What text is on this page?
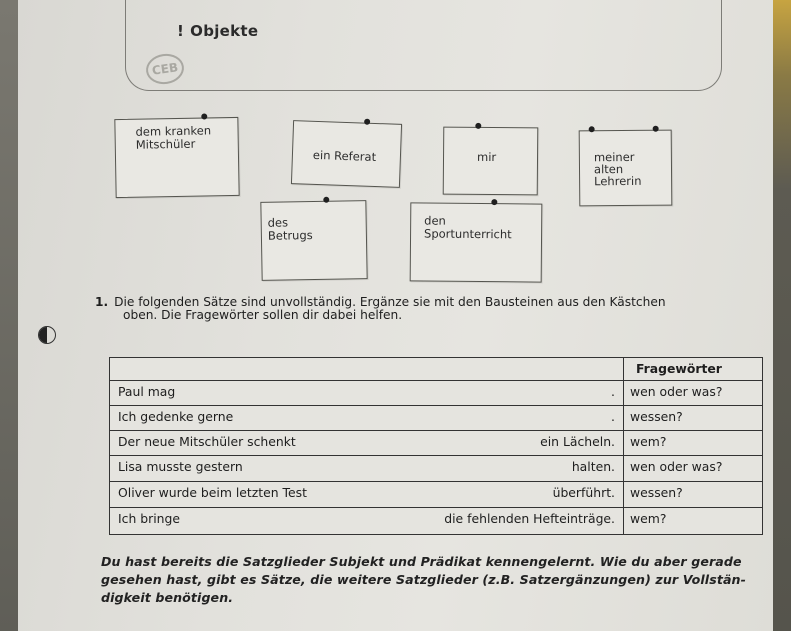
! Objekte
CEB
dem kranken Mitschüler
ein Referat	mir	meiner alten Lehrerin
des Betrugs
den Sportunterricht
1. Die folgenden Sätze sind unvollständig. Ergänze sie mit den Bausteinen aus den Kästchen
oben. Die Fragewörter sollen dir dabei helfen.
Fragewörter
Paul mag	. wen oder was?
Ich gedenke gerne	. wessen?
Der neue Mitschüler schenkt	ein Lächeln. wem?
Lisa musste gestern	halten. wen oder was?
Oliver wurde beim letzten Test	überführt. wessen?
Ich bringe	die fehlenden Hefteinträge. wem?
Du hast bereits die Satzglieder Subjekt und Prädikat kennengelernt. Wie du aber gerade
gesehen hast, gibt es Sätze, die weitere Satzglieder (z.B. Satzergänzungen) zur Vollstän-
digkeit benötigen.
